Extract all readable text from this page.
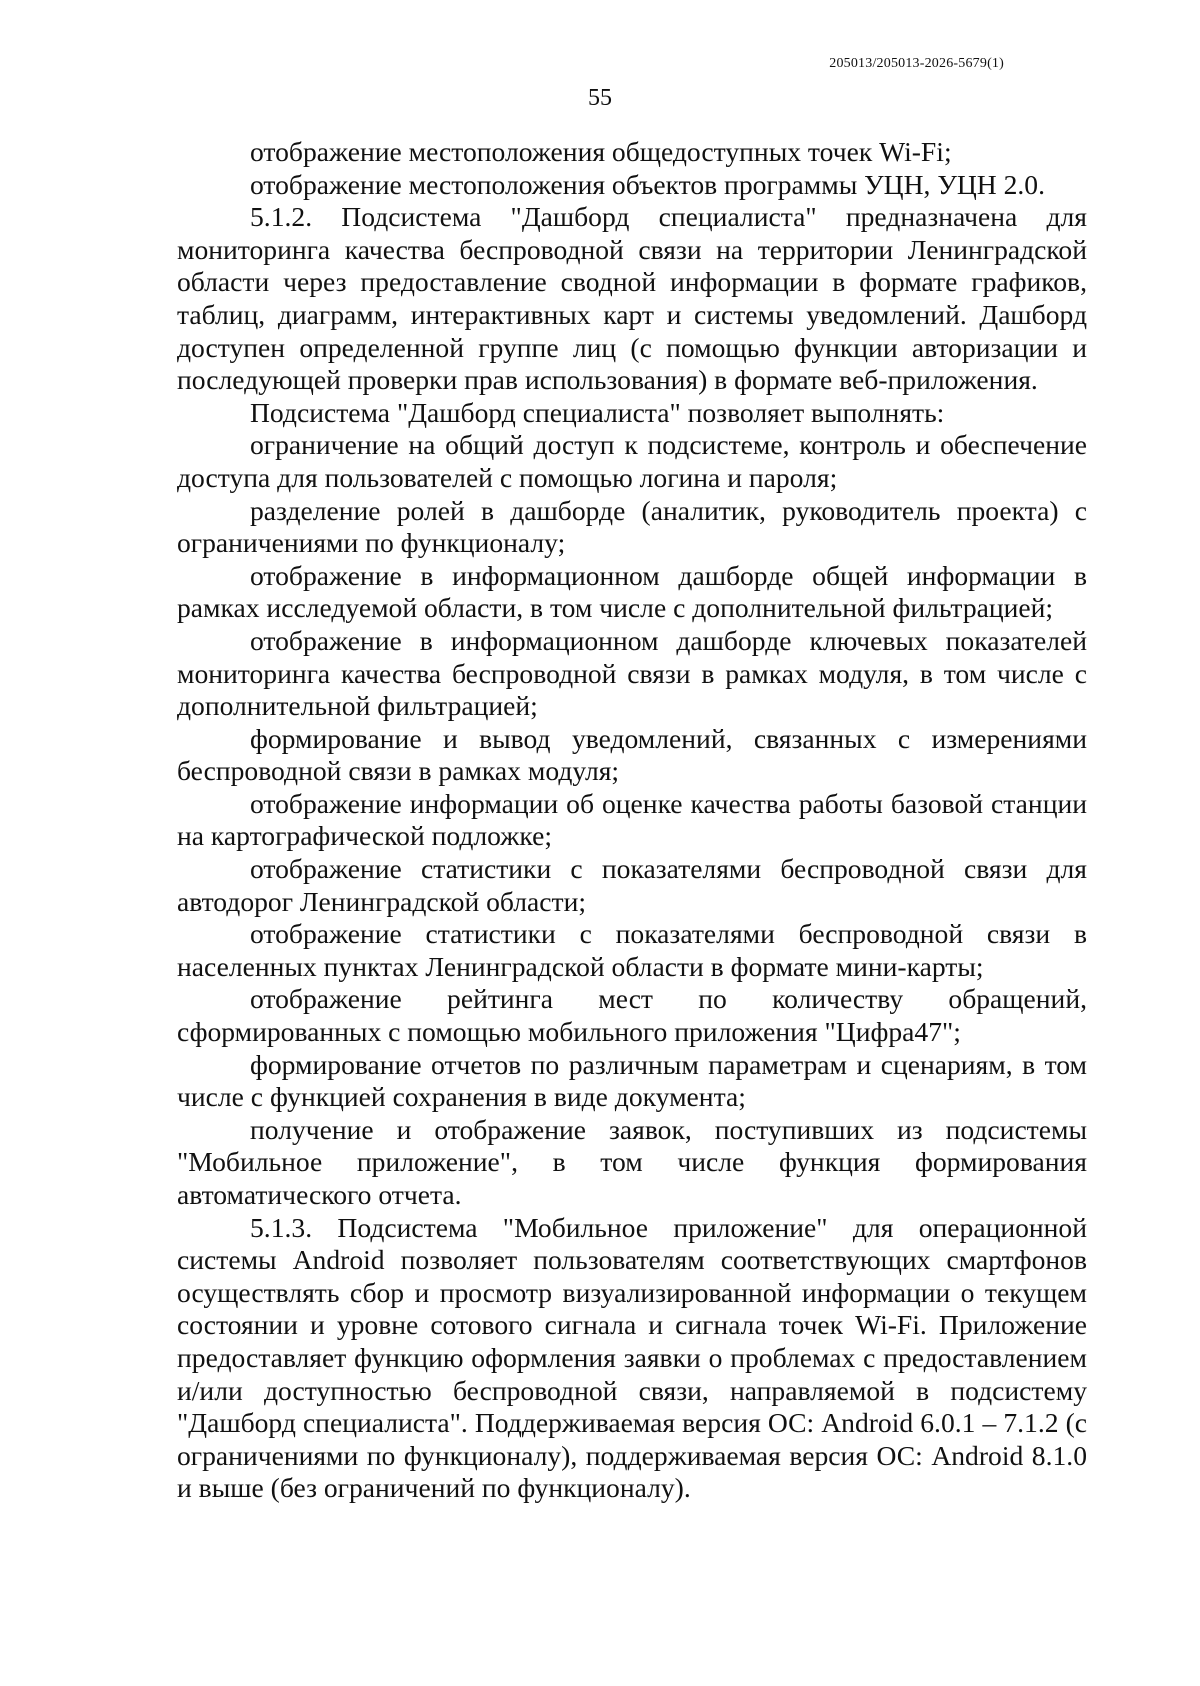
205013/205013-2026-5679(1)
55

отображение местоположения общедоступных точек Wi-Fi;

отображение местоположения объектов программы УЦН, УЦН 2.0.

5.1.2. Подсистема "Дашборд специалиста" предназначена для мониторинга качества беспроводной связи на территории Ленинградской области через предоставление сводной информации в формате графиков, таблиц, диаграмм, интерактивных карт и системы уведомлений. Дашборд доступен определенной группе лиц (с помощью функции авторизации и последующей проверки прав использования) в формате веб-приложения.

Подсистема "Дашборд специалиста" позволяет выполнять:

ограничение на общий доступ к подсистеме, контроль и обеспечение доступа для пользователей с помощью логина и пароля;

разделение ролей в дашборде (аналитик, руководитель проекта) с ограничениями по функционалу;

отображение в информационном дашборде общей информации в рамках исследуемой области, в том числе с дополнительной фильтрацией;

отображение в информационном дашборде ключевых показателей мониторинга качества беспроводной связи в рамках модуля, в том числе с дополнительной фильтрацией;

формирование и вывод уведомлений, связанных с измерениями беспроводной связи в рамках модуля;

отображение информации об оценке качества работы базовой станции на картографической подложке;

отображение статистики с показателями беспроводной связи для автодорог Ленинградской области;

отображение статистики с показателями беспроводной связи в населенных пунктах Ленинградской области в формате мини-карты;

отображение рейтинга мест по количеству обращений, сформированных с помощью мобильного приложения "Цифра47";

формирование отчетов по различным параметрам и сценариям, в том числе с функцией сохранения в виде документа;

получение и отображение заявок, поступивших из подсистемы "Мобильное приложение", в том числе функция формирования автоматического отчета.

5.1.3. Подсистема "Мобильное приложение" для операционной системы Android позволяет пользователям соответствующих смартфонов осуществлять сбор и просмотр визуализированной информации о текущем состоянии и уровне сотового сигнала и сигнала точек Wi-Fi. Приложение предоставляет функцию оформления заявки о проблемах с предоставлением и/или доступностью беспроводной связи, направляемой в подсистему "Дашборд специалиста". Поддерживаемая версия ОС: Android 6.0.1 – 7.1.2 (с ограничениями по функционалу), поддерживаемая версия ОС: Android 8.1.0 и выше (без ограничений по функционалу).
